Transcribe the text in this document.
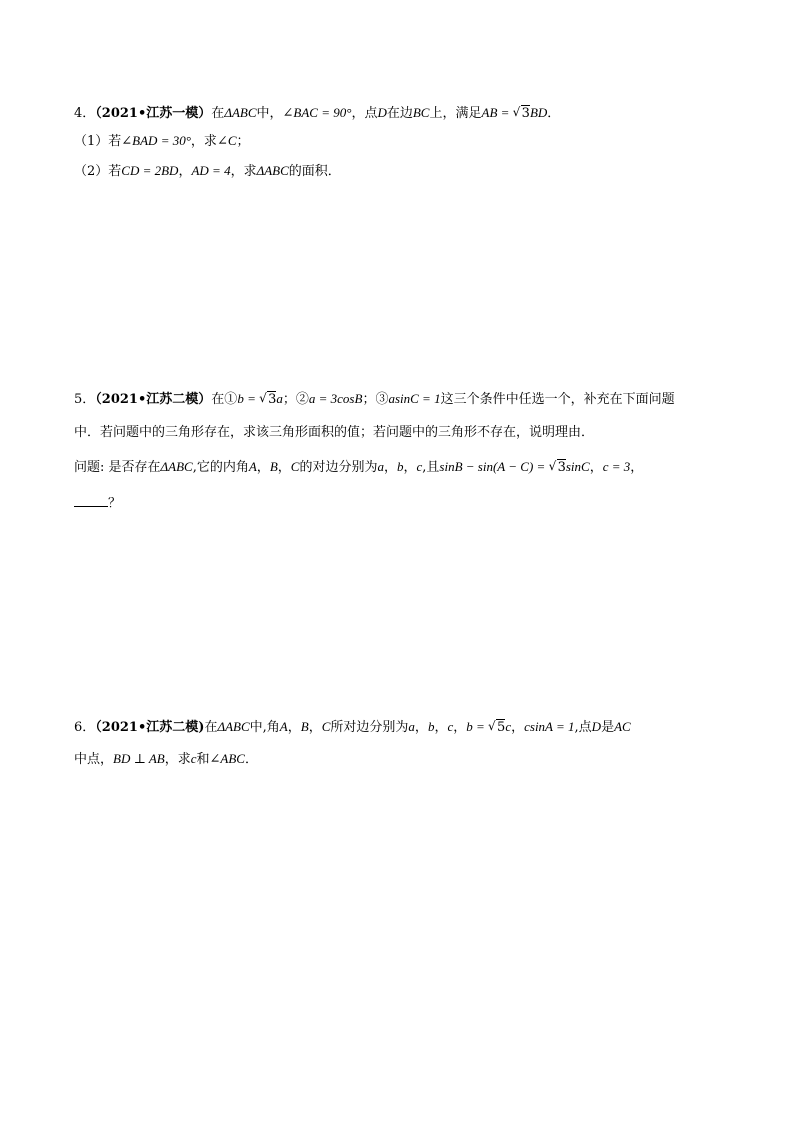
4．（2021•江苏一模）在ΔABC中，∠BAC = 90°，点D在边BC上，满足AB = √ 3BD．
（1）若∠BAD = 30°，求∠C；
（2）若CD = 2BD，AD = 4，求ΔABC的面积．
5．（2021•江苏二模）在①b = √ 3a；②a = 3cosB；③asinC = 1这三个条件中任选一个，补充在下面问题
中．若问题中的三角形存在，求该三角形面积的值；若问题中的三角形不存在，说明理由．
问题: 是否存在ΔABC,它的内角A，B，C的对边分别为a，b，c,且sinB − sin(A − C) = √ 3sinC，c = 3，
？
6．（2021•江苏二模)在ΔABC中,角A，B，C所对边分别为a，b，c，b = √ 5c，csinA = 1,点D是AC
中点，BD ⊥ AB，求c和∠ABC．
